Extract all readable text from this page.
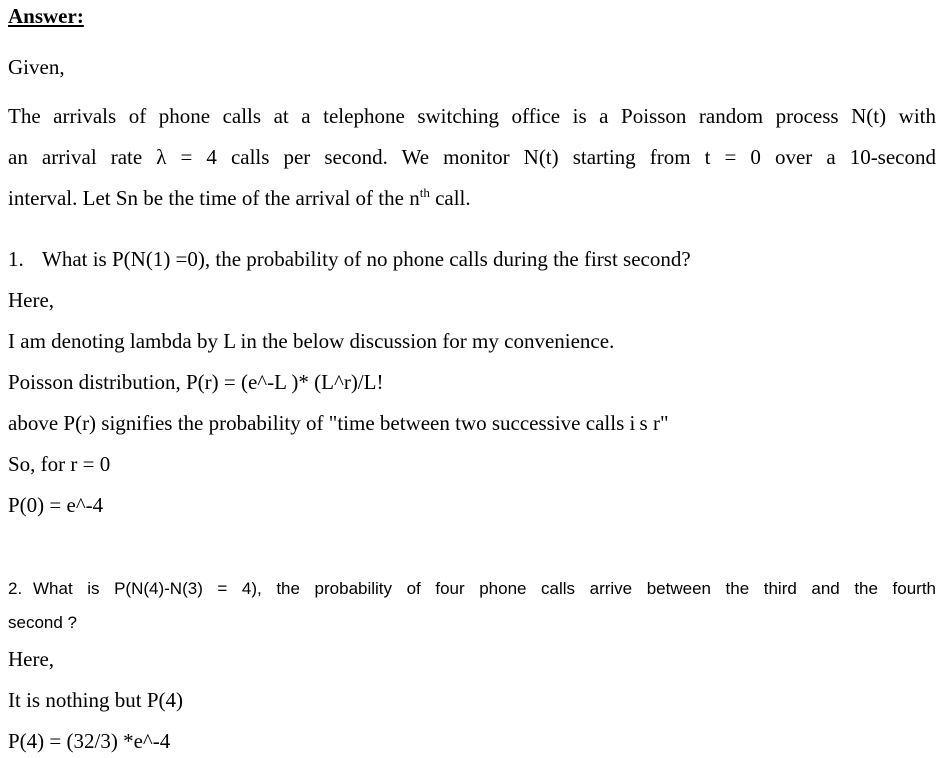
Answer:
Given,
The arrivals of phone calls at a telephone switching office is a Poisson random process N(t) with
an arrival rate λ = 4 calls per second. We monitor N(t) starting from t = 0 over a 10-second
interval. Let Sn be the time of the arrival of the $n^{th}$ call.
1. What is P(N(1) =0), the probability of no phone calls during the first second?
Here,
I am denoting lambda by L in the below discussion for my convenience.
Poisson distribution, P(r) = (e^-L )* (L^r)/L!
above P(r) signifies the probability of "time between two successive calls i s r"
So, for r = 0
P(0) = e^-4
2. What is P(N(4)-N(3) = 4), the probability of four phone calls arrive between the third and the fourth
second ?
Here,
It is nothing but P(4)
P(4) = (32/3) *e^-4
